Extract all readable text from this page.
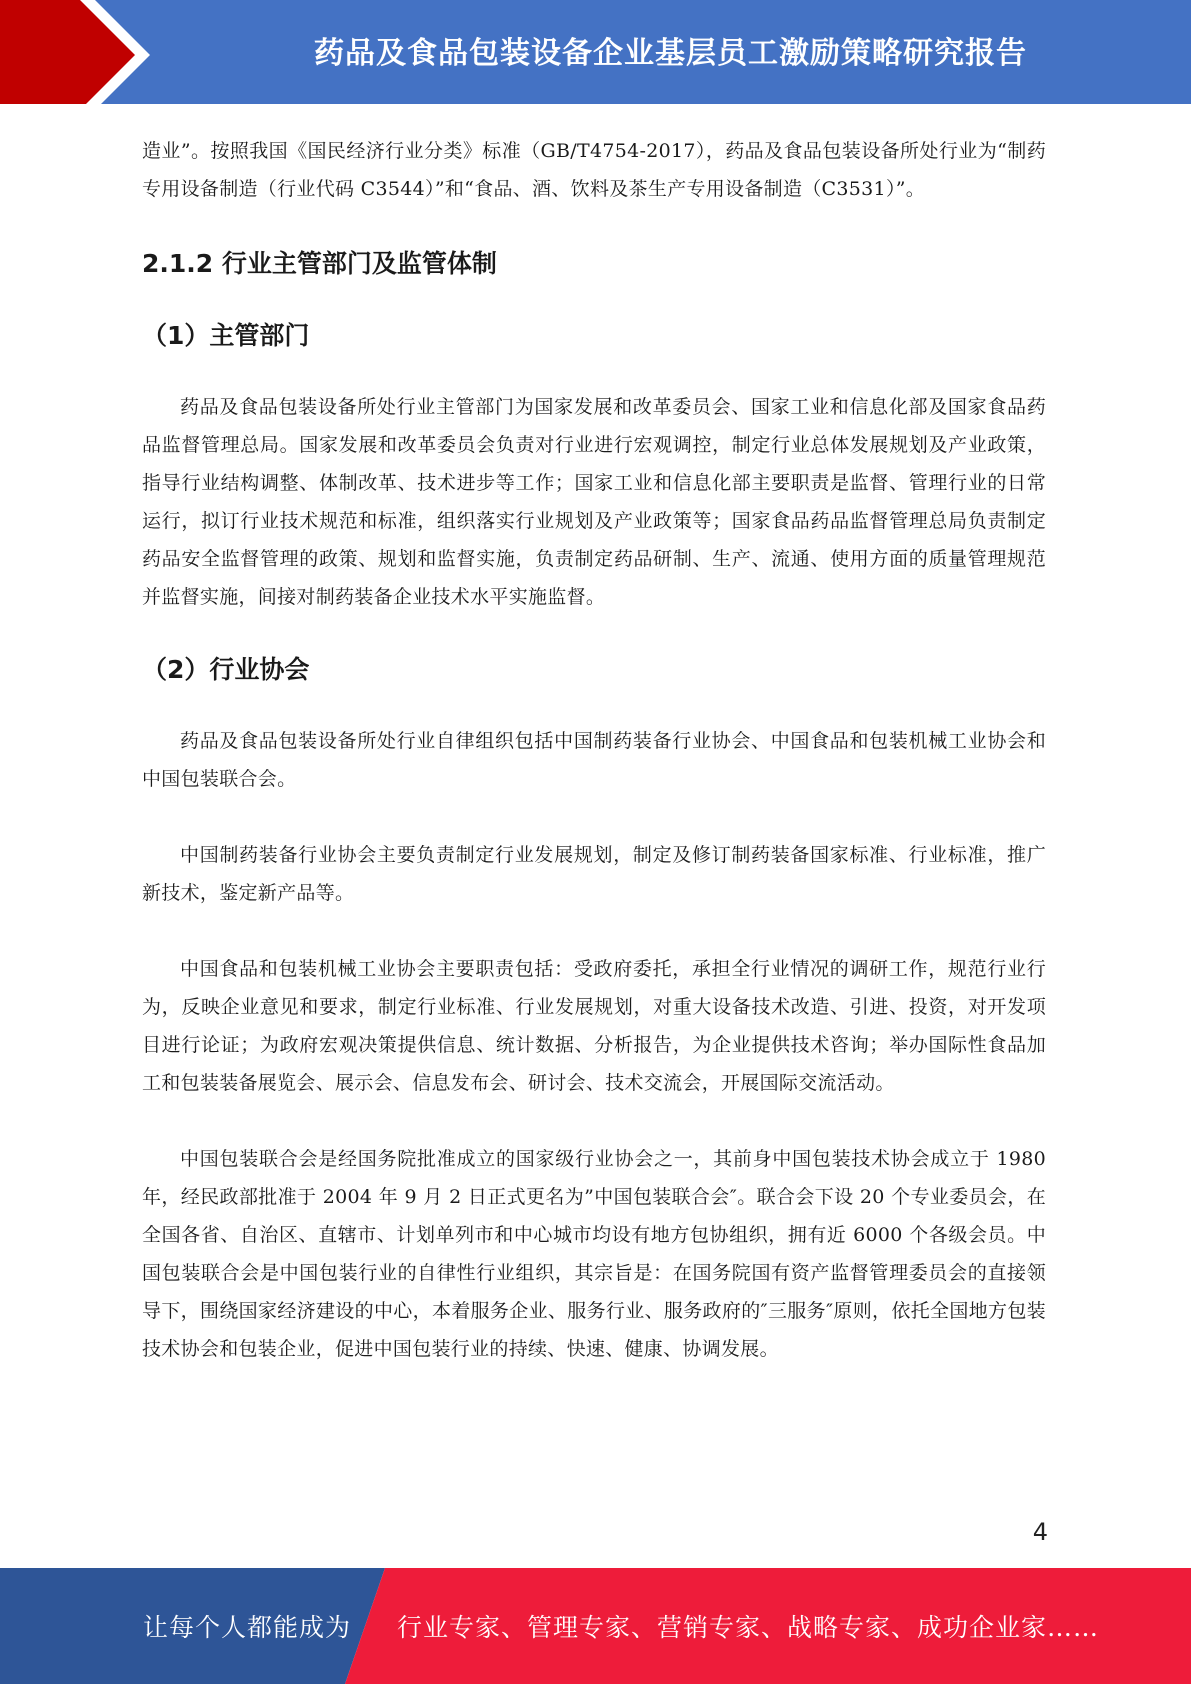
药品及食品包装设备企业基层员工激励策略研究报告

造业”。按照我国《国民经济行业分类》标准（GB/T4754-2017），药品及食品包装设备所处行业为“制药专用设备制造（行业代码 C3544）”和“食品、酒、饮料及茶生产专用设备制造（C3531）”。

2.1.2 行业主管部门及监管体制
（1）主管部门

药品及食品包装设备所处行业主管部门为国家发展和改革委员会、国家工业和信息化部及国家食品药品监督管理总局。国家发展和改革委员会负责对行业进行宏观调控，制定行业总体发展规划及产业政策，指导行业结构调整、体制改革、技术进步等工作；国家工业和信息化部主要职责是监督、管理行业的日常运行，拟订行业技术规范和标准，组织落实行业规划及产业政策等；国家食品药品监督管理总局负责制定药品安全监督管理的政策、规划和监督实施，负责制定药品研制、生产、流通、使用方面的质量管理规范并监督实施，间接对制药装备企业技术水平实施监督。

（2）行业协会

药品及食品包装设备所处行业自律组织包括中国制药装备行业协会、中国食品和包装机械工业协会和中国包装联合会。

中国制药装备行业协会主要负责制定行业发展规划，制定及修订制药装备国家标准、行业标准，推广新技术，鉴定新产品等。

中国食品和包装机械工业协会主要职责包括：受政府委托，承担全行业情况的调研工作，规范行业行为，反映企业意见和要求，制定行业标准、行业发展规划，对重大设备技术改造、引进、投资，对开发项目进行论证；为政府宏观决策提供信息、统计数据、分析报告，为企业提供技术咨询；举办国际性食品加工和包装装备展览会、展示会、信息发布会、研讨会、技术交流会，开展国际交流活动。

中国包装联合会是经国务院批准成立的国家级行业协会之一，其前身中国包装技术协会成立于 1980 年，经民政部批准于 2004 年 9 月 2 日正式更名为”中国包装联合会″。联合会下设 20 个专业委员会，在全国各省、自治区、直辖市、计划单列市和中心城市均设有地方包协组织，拥有近 6000 个各级会员。中国包装联合会是中国包装行业的自律性行业组织，其宗旨是：在国务院国有资产监督管理委员会的直接领导下，围绕国家经济建设的中心，本着服务企业、服务行业、服务政府的″三服务″原则，依托全国地方包装技术协会和包装企业，促进中国包装行业的持续、快速、健康、协调发展。

4
让每个人都能成为 行业专家、管理专家、营销专家、战略专家、成功企业家……
